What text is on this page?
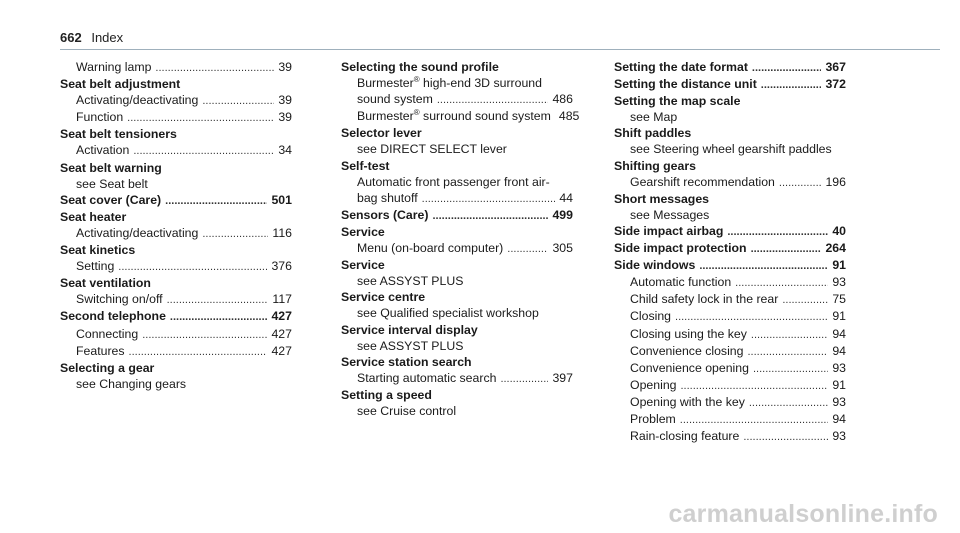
662 Index
Warning lamp .....	39
Seat belt adjustment
Activating/deactivating .....	39
Function .....	39
Seat belt tensioners
Activation .....	34
Seat belt warning
see Seat belt
Seat cover (Care) .....	501
Seat heater
Activating/deactivating .....	116
Seat kinetics
Setting .....	376
Seat ventilation
Switching on/off .....	117
Second telephone .....	427
Connecting .....	427
Features .....	427
Selecting a gear
see Changing gears
Selecting the sound profile
Burmester® high-end 3D surround
sound system .....	486
Burmester® surround sound system 485
Selector lever
see DIRECT SELECT lever
Self-test
Automatic front passenger front air-
bag shutoff .....	44
Sensors (Care) .....	499
Service
Menu (on-board computer) .....	305
Service
see ASSYST PLUS
Service centre
see Qualified specialist workshop
Service interval display
see ASSYST PLUS
Service station search
Starting automatic search .....	397
Setting a speed
see Cruise control
Setting the date format .....	367
Setting the distance unit .....	372
Setting the map scale
see Map
Shift paddles
see Steering wheel gearshift paddles
Shifting gears
Gearshift recommendation .....	196
Short messages
see Messages
Side impact airbag .....	40
Side impact protection .....	264
Side windows .....	91
Automatic function .....	93
Child safety lock in the rear .....	75
Closing .....	91
Closing using the key .....	94
Convenience closing .....	94
Convenience opening .....	93
Opening .....	91
Opening with the key .....	93
Problem .....	94
Rain-closing feature .....	93
carmanualsonline.info
